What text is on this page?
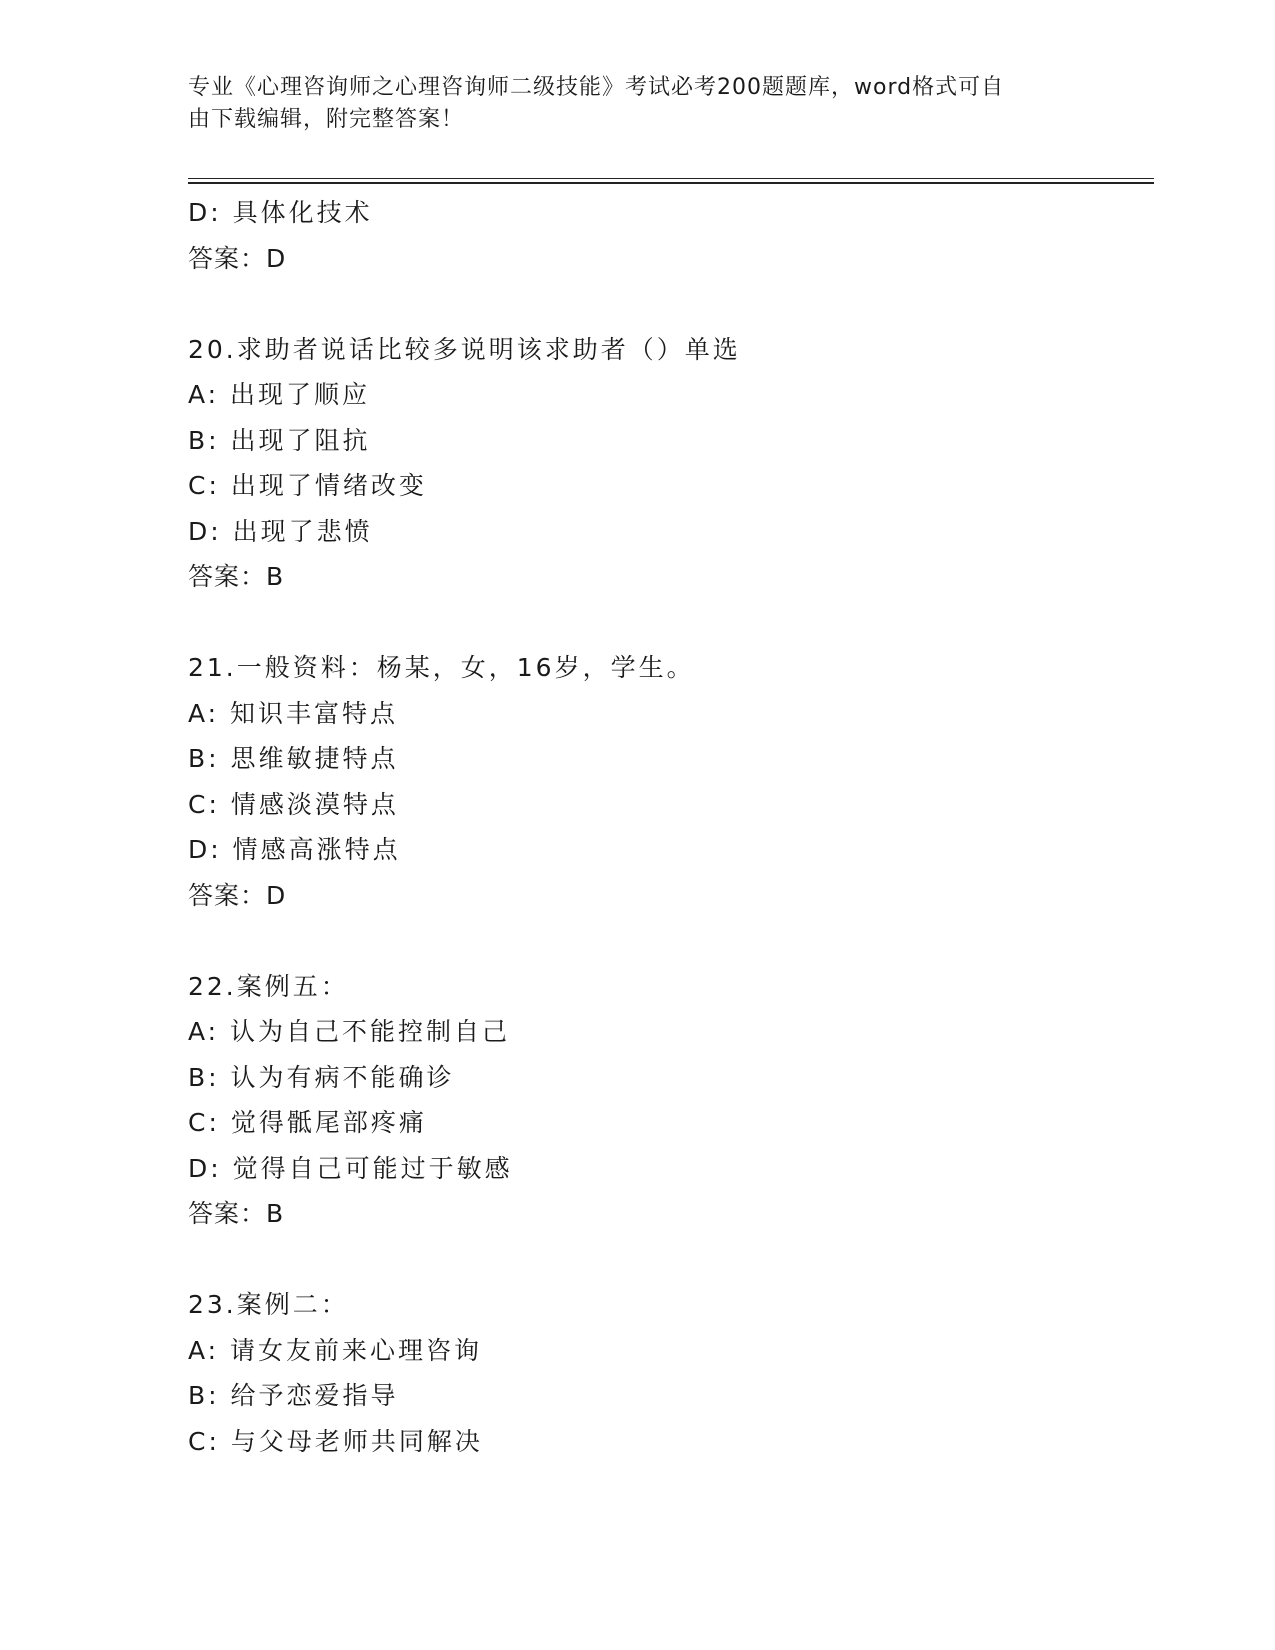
专业《心理咨询师之心理咨询师二级技能》考试必考200题题库，word格式可自
由下载编辑，附完整答案！
D: 具体化技术
答案：D
20.求助者说话比较多说明该求助者（）单选
A: 出现了顺应
B: 出现了阻抗
C: 出现了情绪改变
D: 出现了悲愤
答案：B
21.一般资料：杨某，女，16岁，学生。
A: 知识丰富特点
B: 思维敏捷特点
C: 情感淡漠特点
D: 情感高涨特点
答案：D
22.案例五：
A: 认为自己不能控制自己
B: 认为有病不能确诊
C: 觉得骶尾部疼痛
D: 觉得自己可能过于敏感
答案：B
23.案例二：
A: 请女友前来心理咨询
B: 给予恋爱指导
C: 与父母老师共同解决
